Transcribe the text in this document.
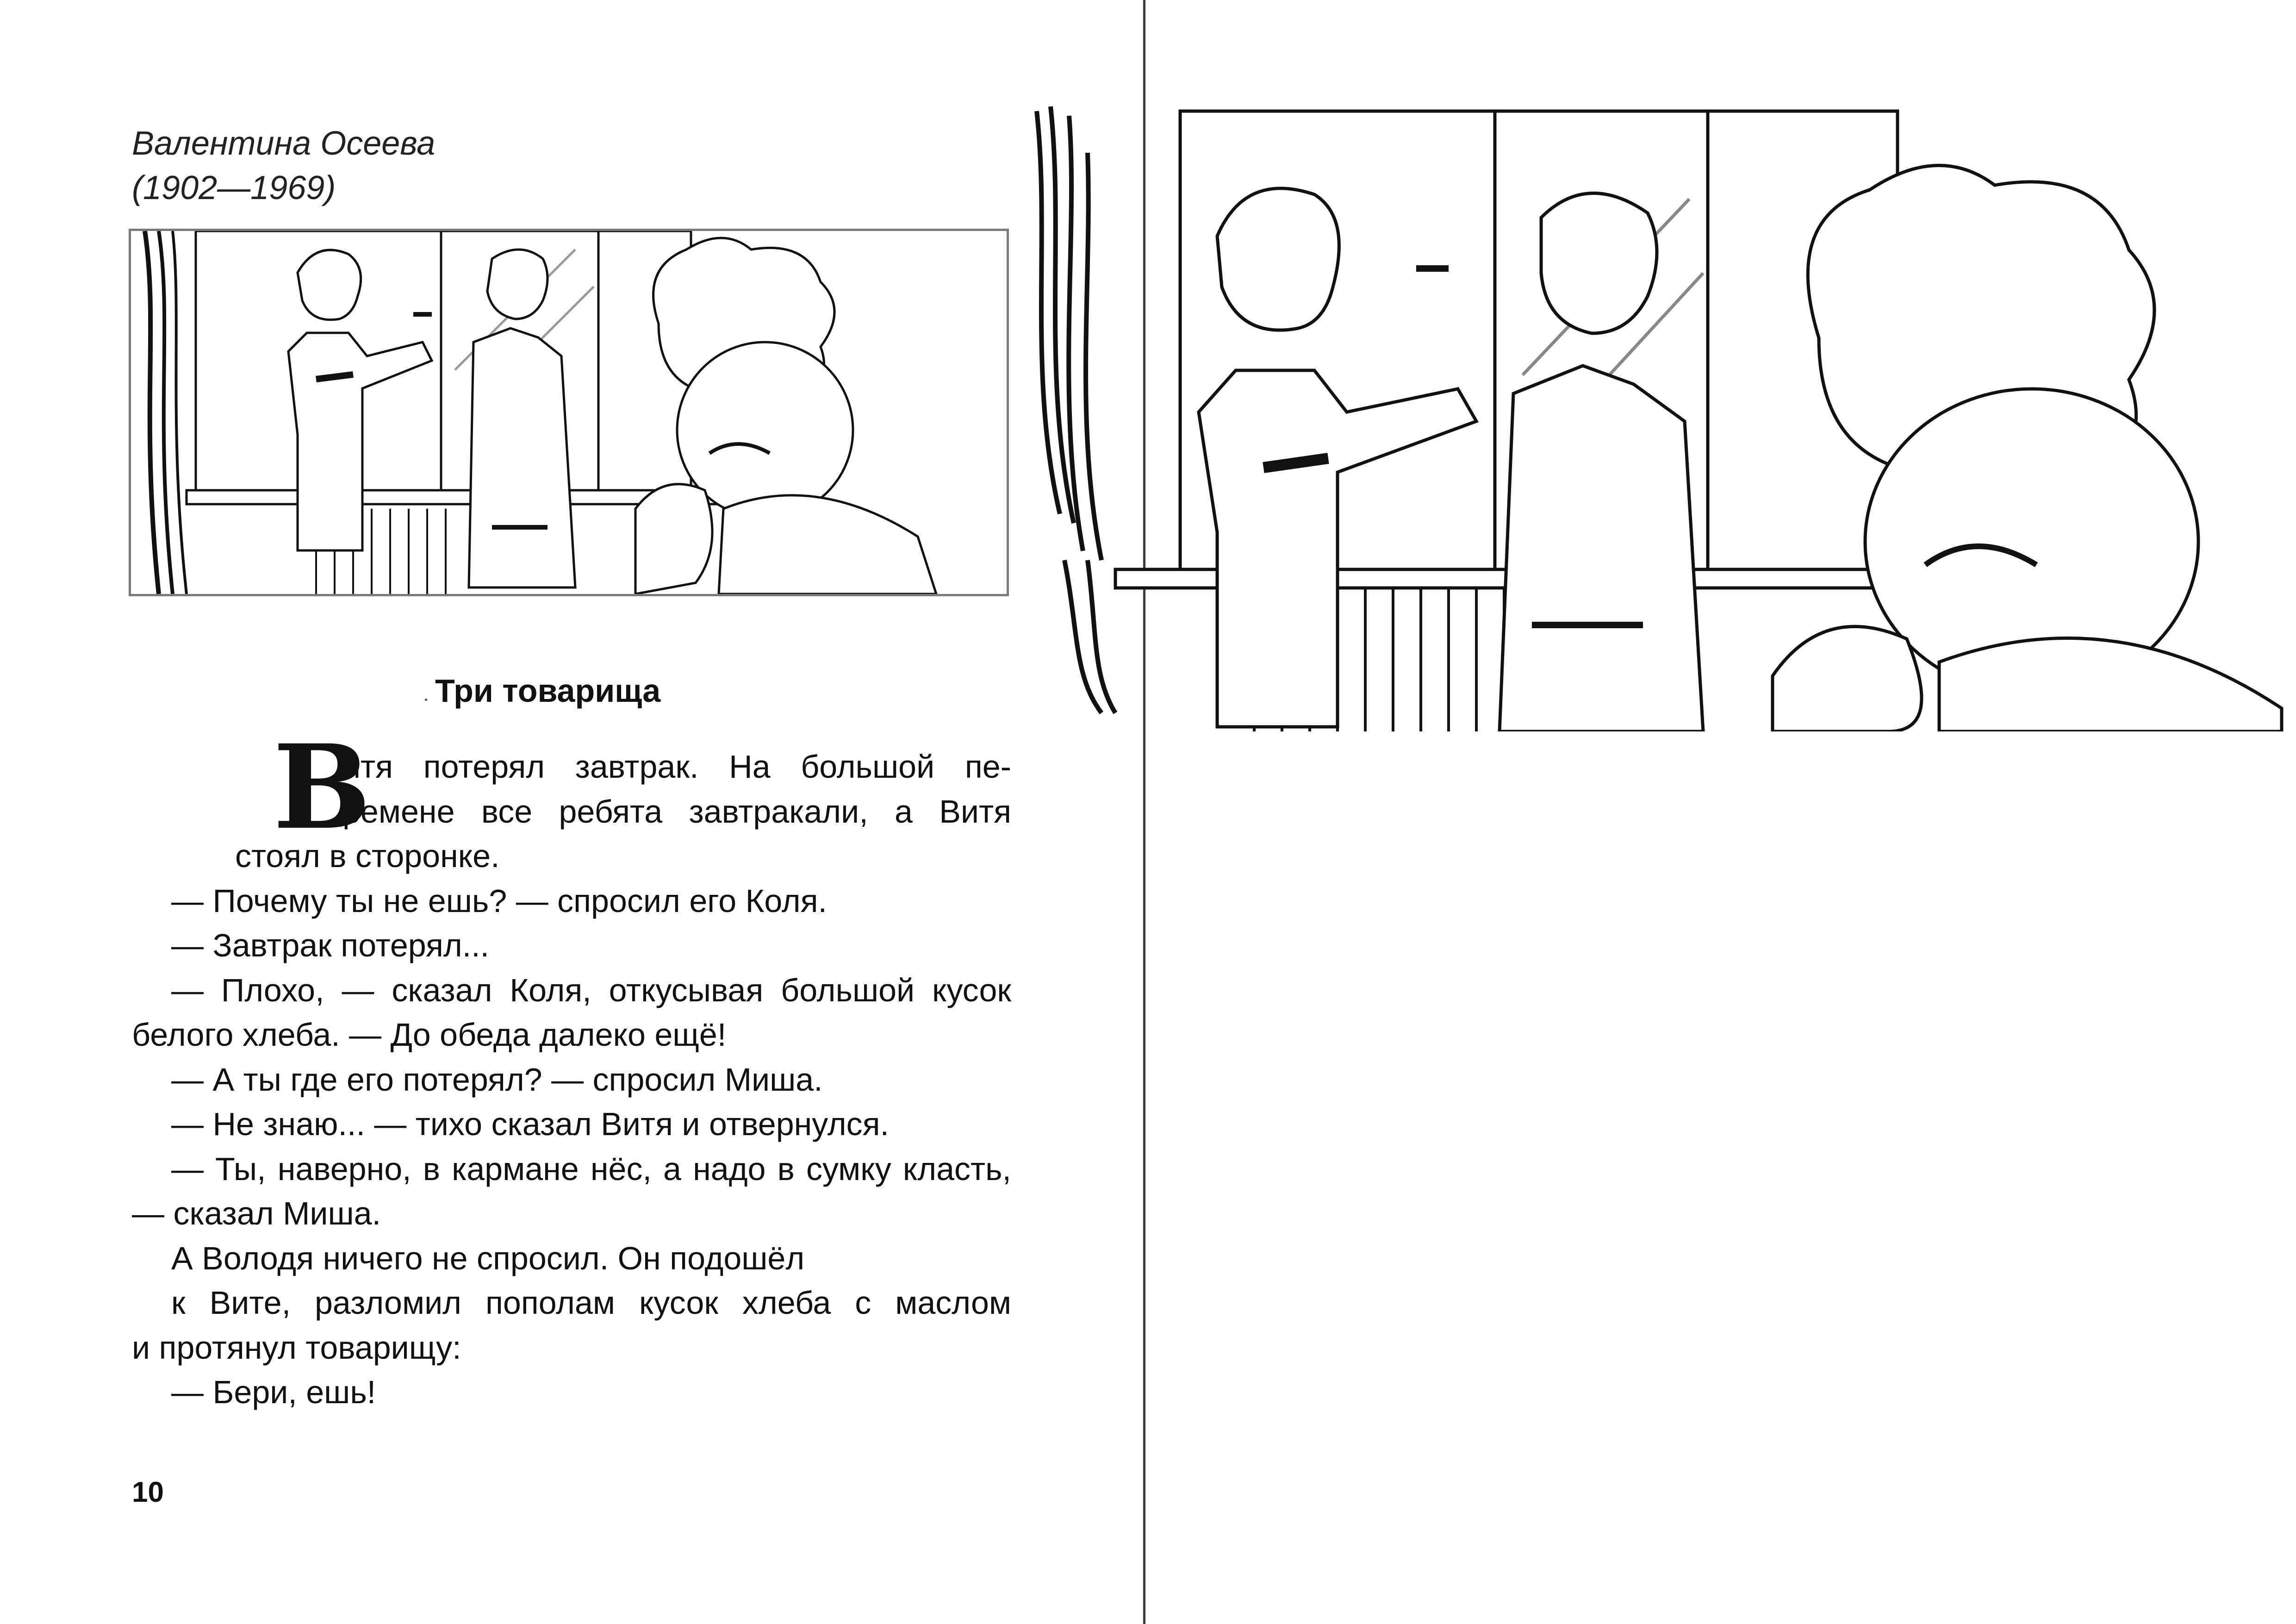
Валентина Осеева
(1902—1969)
Три товарища
В
итя потерял завтрак. На большой пе-
ремене все ребята завтракали, а Витя
стоял в сторонке.
— Почему ты не ешь? — спросил его Коля.
— Завтрак потерял...
— Плохо, — сказал Коля, откусывая большой кусок
белого хлеба. — До обеда далеко ещё!
— А ты где его потерял? — спросил Миша.
— Не знаю... — тихо сказал Витя и отвернулся.
— Ты, наверно, в кармане нёс, а надо в сумку класть,
— сказал Миша.
А Володя ничего не спросил. Он подошёл
к Вите, разломил пополам кусок хлеба с маслом
и протянул товарищу:
— Бери, ешь!
10
